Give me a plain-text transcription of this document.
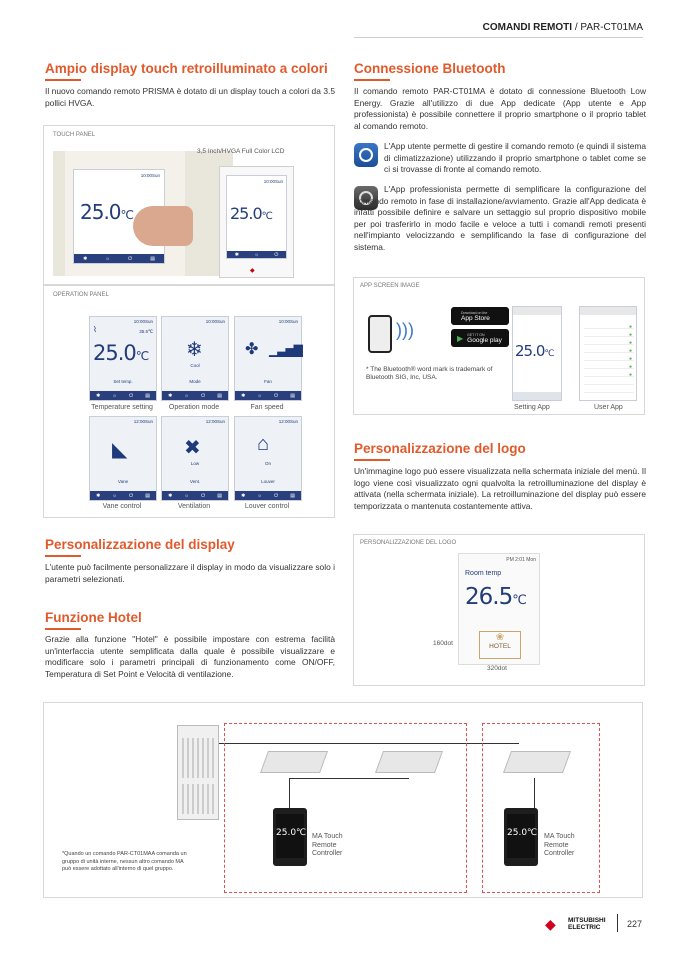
COMANDI REMOTI / PAR-CT01MA
Ampio display touch retroilluminato a colori
Il nuovo comando remoto PRISMA è dotato di un display touch a colori da 3.5 pollici HVGA.
TOUCH PANEL
10:00Sun
25.0℃
✱	☼	⏻	▤
3,5 Inch/HVGA Full Color LCD
10:00Sun
25.0℃
✱	☼	⏻
◆
OPERATION PANEL
10:00Sun
⌇	35.5℃
25.0℃
Set temp.
✱ ☼ ⏻ ▤
Temperature setting
10:00Sun
❄
Cool
Mode
✱ ☼ ⏻ ▤
Operation mode
10:00Sun
✤ ▁▃▅▇
Fan
✱ ☼ ⏻ ▤
Fan speed
12:00Sun
◣
Vane
✱ ☼ ⏻ ▤
Vane control
12:00Sun
✖
Low
Vent.
✱ ☼ ⏻ ▤
Ventilation
12:00Sun
⌂
On
Louver
✱ ☼ ⏻ ▤
Louver control
Personalizzazione del display
L'utente può facilmente personalizzare il display in modo da visualizzare solo i parametri selezionati.
Funzione Hotel
Grazie alla funzione "Hotel" è possibile impostare con estrema facilità un'interfaccia utente semplificata dalla quale è possibile visualizzare e modificare solo i parametri principali di funzionamento come ON/OFF, Temperatura di Set Point e Velocità di ventilazione.
Connessione Bluetooth
Il comando remoto PAR-CT01MA è dotato di connessione Bluetooth Low Energy. Grazie all'utilizzo di due App dedicate (App utente e App professionista) è possibile connettere il proprio smartphone o il proprio tablet al comando remoto.
L'App utente permette di gestire il comando remoto (e quindi il sistema di climatizzazione) utilizzando il proprio smartphone o tablet come se ci si trovasse di fronte al comando remoto.
L'App professionista permette di semplificare la configurazione del comando remoto in fase di installazione/avviamento. Grazie all'App dedicata è infatti possibile definire e salvare un settaggio sul proprio dispositivo mobile per poi trasferirlo in modo facile e veloce a tutti i comandi remoti presenti nell'impianto velocizzando e semplificando la fase di configurazione del sistema.
APP SCREEN IMAGE
)))
Download on the
App Store
▶ GET IT ON
Google play
* The Bluetooth® word mark is trademark of Bluetooth SIG, Inc, USA.
25.0℃
Setting App
●
●
●
●
●
●
●
User App
Personalizzazione del logo
Un'immagine logo può essere visualizzata nella schermata iniziale del menù. Il logo viene così visualizzato ogni qualvolta la retroilluminazione del display è attivata (nella schermata iniziale). La retroilluminazione del display può essere temporizzata o mantenuta costantemente attiva.
PERSONALIZZAZIONE DEL LOGO
PM 2:01 Mon
Room temp
26.5℃
❀
HOTEL
160dot
320dot
25.0℃ MA Touch Remote Controller
25.0℃ MA Touch Remote Controller
*Quando un comando PAR-CT01MAA comanda un gruppo di unità interne, nessun altro comando MA può essere adottato all'interno di quel gruppo.
◆ MITSUBISHI
ELECTRIC	227
